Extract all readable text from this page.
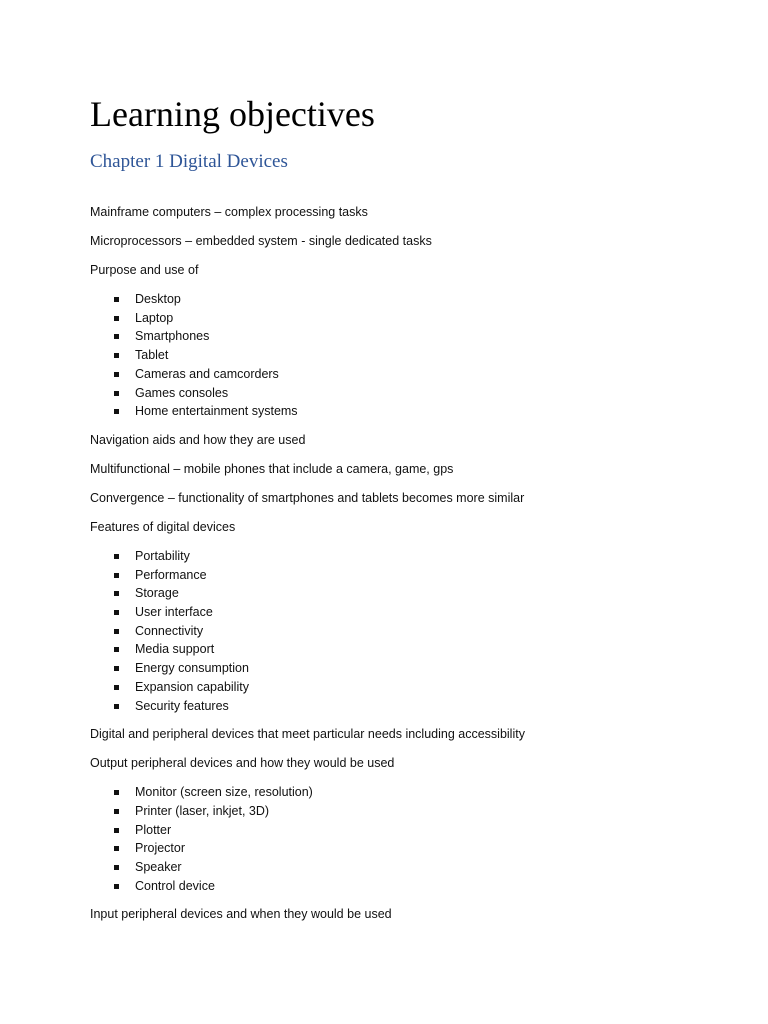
Learning objectives
Chapter 1 Digital Devices

Mainframe computers – complex processing tasks

Microprocessors – embedded system - single dedicated tasks

Purpose and use of

Desktop
Laptop
Smartphones
Tablet
Cameras and camcorders
Games consoles
Home entertainment systems

Navigation aids and how they are used

Multifunctional – mobile phones that include a camera, game, gps

Convergence – functionality of smartphones and tablets becomes more similar

Features of digital devices

Portability
Performance
Storage
User interface
Connectivity
Media support
Energy consumption
Expansion capability
Security features

Digital and peripheral devices that meet particular needs including accessibility

Output peripheral devices and how they would be used

Monitor (screen size, resolution)
Printer (laser, inkjet, 3D)
Plotter
Projector
Speaker
Control device

Input peripheral devices and when they would be used
